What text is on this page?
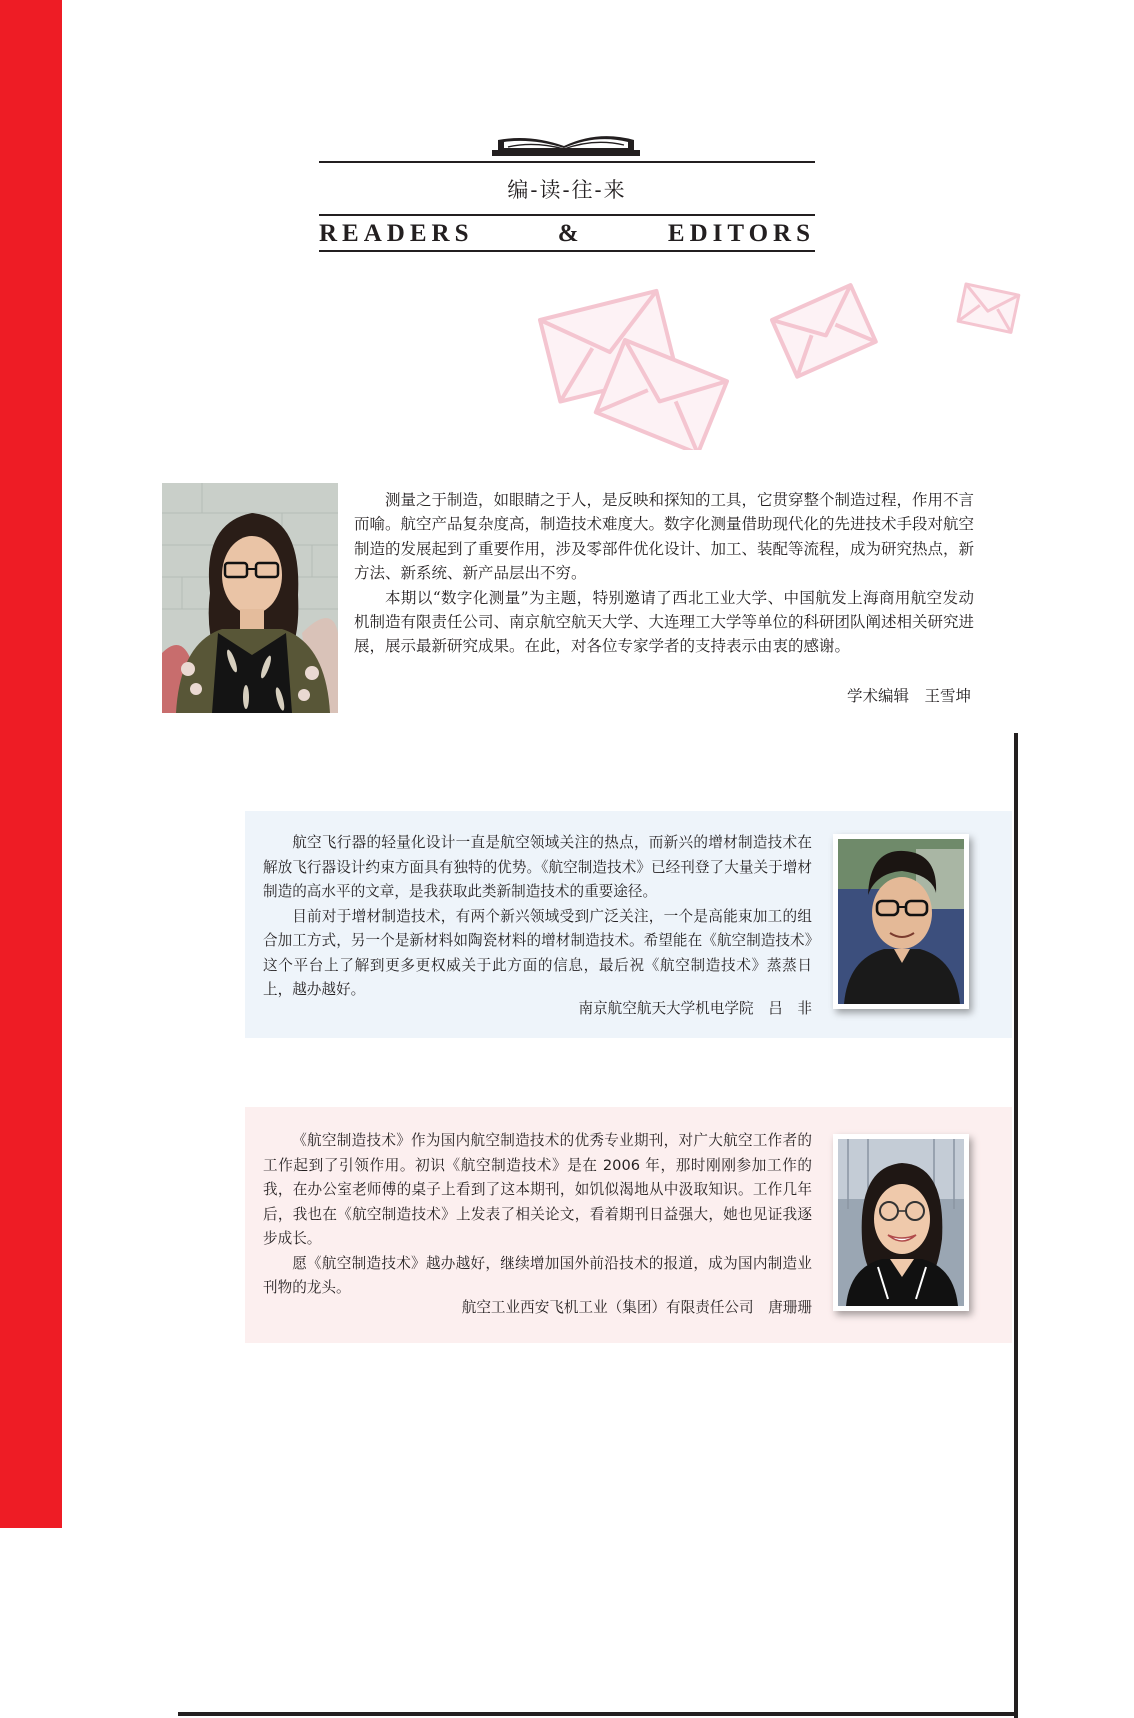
编-读-往-来
READERS	&	EDITORS

测量之于制造，如眼睛之于人，是反映和探知的工具，它贯穿整个制造过程，作用不言而喻。航空产品复杂度高，制造技术难度大。数字化测量借助现代化的先进技术手段对航空制造的发展起到了重要作用，涉及零部件优化设计、加工、装配等流程，成为研究热点，新方法、新系统、新产品层出不穷。

本期以“数字化测量”为主题，特别邀请了西北工业大学、中国航发上海商用航空发动机制造有限责任公司、南京航空航天大学、大连理工大学等单位的科研团队阐述相关研究进展，展示最新研究成果。在此，对各位专家学者的支持表示由衷的感谢。

学术编辑　王雪坤

航空飞行器的轻量化设计一直是航空领域关注的热点，而新兴的增材制造技术在解放飞行器设计约束方面具有独特的优势。《航空制造技术》已经刊登了大量关于增材制造的高水平的文章，是我获取此类新制造技术的重要途径。

目前对于增材制造技术，有两个新兴领域受到广泛关注，一个是高能束加工的组合加工方式，另一个是新材料如陶瓷材料的增材制造技术。希望能在《航空制造技术》这个平台上了解到更多更权威关于此方面的信息，最后祝《航空制造技术》蒸蒸日上，越办越好。

南京航空航天大学机电学院　吕　非

《航空制造技术》作为国内航空制造技术的优秀专业期刊，对广大航空工作者的工作起到了引领作用。初识《航空制造技术》是在 2006 年，那时刚刚参加工作的我，在办公室老师傅的桌子上看到了这本期刊，如饥似渴地从中汲取知识。工作几年后，我也在《航空制造技术》上发表了相关论文，看着期刊日益强大，她也见证我逐步成长。

愿《航空制造技术》越办越好，继续增加国外前沿技术的报道，成为国内制造业刊物的龙头。

航空工业西安飞机工业（集团）有限责任公司　唐珊珊
